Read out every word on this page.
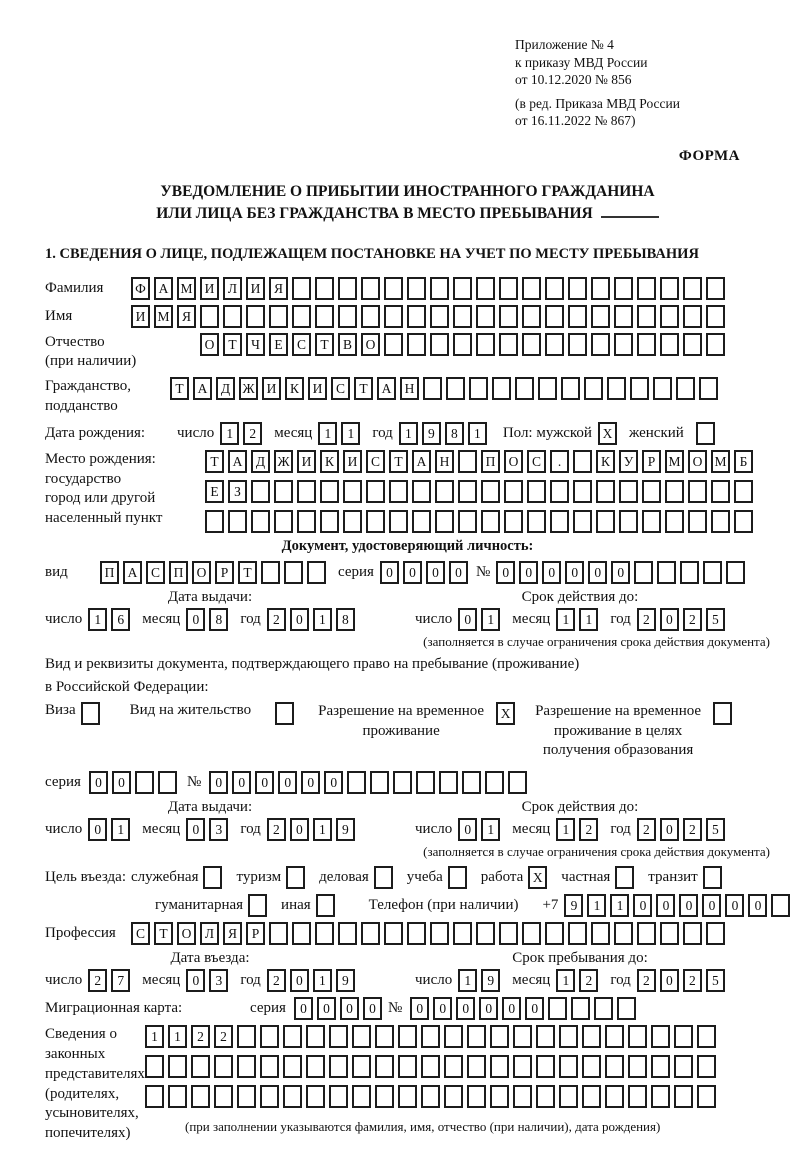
Приложение № 4
к приказу МВД России
от 10.12.2020 № 856
(в ред. Приказа МВД России
от 16.11.2022 № 867)
ФОРМА
УВЕДОМЛЕНИЕ О ПРИБЫТИИ ИНОСТРАННОГО ГРАЖДАНИНА
ИЛИ ЛИЦА БЕЗ ГРАЖДАНСТВА В МЕСТО ПРЕБЫВАНИЯ
1. СВЕДЕНИЯ О ЛИЦЕ, ПОДЛЕЖАЩЕМ ПОСТАНОВКЕ НА УЧЕТ ПО МЕСТУ ПРЕБЫВАНИЯ
Фамилия	Ф А М И	Л	И	Я
Имя	И М Я
Отчество
(при наличии)
О	Т	Ч	Е	С	Т	В	О
Гражданство,
подданство
Т	А	Д Ж И	К	И	С	Т	А Н
Дата рождения:	число 1	2	месяц 1	1	год 1	9	8	1	Пол: мужской X	женский
Место рождения:
государство
город или другой
населенный пункт
Т	А	Д Ж И	К	И	С	Т	А Н	П О	С	.	К	У	Р М О М Б
Е	З
Документ, удостоверяющий личность:
вид	П А	С	П О	Р	Т	серия 0	0	0	0 № 0	0	0	0	0	0
Дата выдачи:	Срок действия до:
число 1	6	месяц 0	8	год 2	0	1	8	число 0	1	месяц 1	1	год 2	0	2	5
(заполняется в случае ограничения срока действия документа)
Вид и реквизиты документа, подтверждающего право на пребывание (проживание)
в Российской Федерации:
Виза	Вид на жительство	Разрешение на временное
проживание
X	Разрешение на временное
проживание в целях
получения образования
серия	0	0	№	0	0	0	0	0	0
Дата выдачи:	Срок действия до:
число 0	1	месяц 0	3	год 2	0	1	9	число 0	1	месяц 1	2	год 2	0	2	5
(заполняется в случае ограничения срока действия документа)
Цель въезда: служебная	туризм	деловая	учеба	работа X	частная	транзит
гуманитарная	иная	Телефон (при наличии) +7 9	1	1	0	0	0	0	0	0
Профессия	С	Т	О	Л	Я	Р
Дата въезда:	Срок пребывания до:
число 2	7	месяц 0	3	год 2	0	1	9	число 1	9	месяц 1	2	год 2	0	2	5
Миграционная карта:	серия	0	0	0	0 №	0	0	0	0	0	0
Сведения о
законных
представителях
(родителях,
усыновителях,
попечителях)
1	1	2	2
(при заполнении указываются фамилия, имя, отчество (при наличии), дата рождения)
